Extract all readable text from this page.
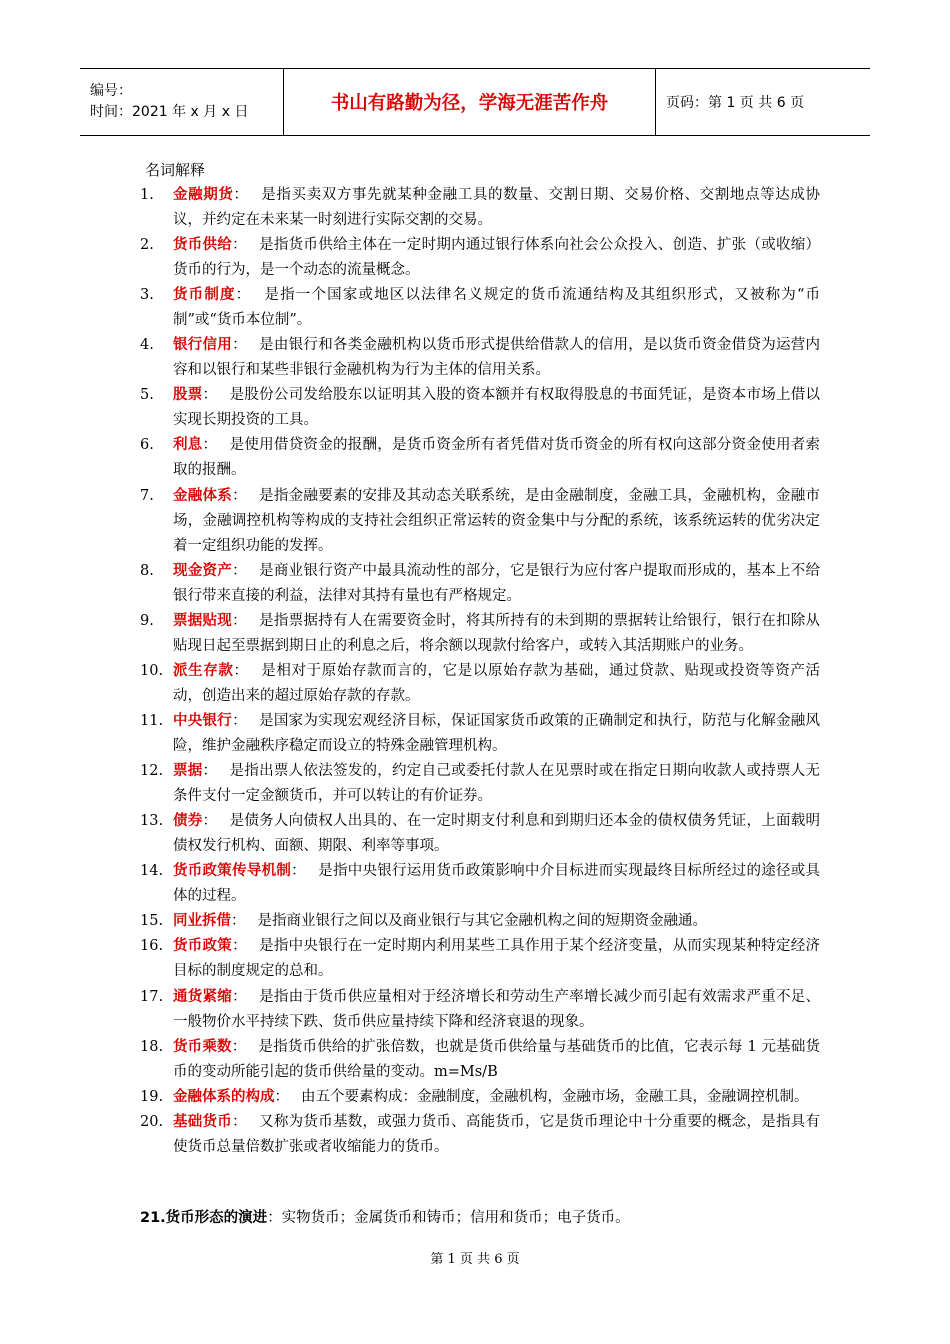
编号：
时间：2021 年 x 月 x 日	书山有路勤为径，学海无涯苦作舟	页码：第 1 页 共 6 页
名词解释
1.	金融期货： 是指买卖双方事先就某种金融工具的数量、交割日期、交易价格、交割地点等达成协议，并约定在未来某一时刻进行实际交割的交易。
2.	货币供给： 是指货币供给主体在一定时期内通过银行体系向社会公众投入、创造、扩张（或收缩）货币的行为，是一个动态的流量概念。
3.	货币制度： 是指一个国家或地区以法律名义规定的货币流通结构及其组织形式，又被称为“币制”或“货币本位制”。
4.	银行信用： 是由银行和各类金融机构以货币形式提供给借款人的信用，是以货币资金借贷为运营内容和以银行和某些非银行金融机构为行为主体的信用关系。
5.	股票： 是股份公司发给股东以证明其入股的资本额并有权取得股息的书面凭证，是资本市场上借以实现长期投资的工具。
6.	利息： 是使用借贷资金的报酬，是货币资金所有者凭借对货币资金的所有权向这部分资金使用者索取的报酬。
7.	金融体系： 是指金融要素的安排及其动态关联系统，是由金融制度，金融工具，金融机构，金融市场，金融调控机构等构成的支持社会组织正常运转的资金集中与分配的系统，该系统运转的优劣决定着一定组织功能的发挥。
8.	现金资产： 是商业银行资产中最具流动性的部分，它是银行为应付客户提取而形成的，基本上不给银行带来直接的利益，法律对其持有量也有严格规定。
9.	票据贴现： 是指票据持有人在需要资金时，将其所持有的未到期的票据转让给银行，银行在扣除从贴现日起至票据到期日止的利息之后，将余额以现款付给客户，或转入其活期账户的业务。
10. 派生存款： 是相对于原始存款而言的，它是以原始存款为基础，通过贷款、贴现或投资等资产活动，创造出来的超过原始存款的存款。
11. 中央银行： 是国家为实现宏观经济目标，保证国家货币政策的正确制定和执行，防范与化解金融风险，维护金融秩序稳定而设立的特殊金融管理机构。
12. 票据： 是指出票人依法签发的，约定自己或委托付款人在见票时或在指定日期向收款人或持票人无条件支付一定金额货币，并可以转让的有价证券。
13. 债券： 是债务人向债权人出具的、在一定时期支付利息和到期归还本金的债权债务凭证，上面载明债权发行机构、面额、期限、利率等事项。
14. 货币政策传导机制： 是指中央银行运用货币政策影响中介目标进而实现最终目标所经过的途径或具体的过程。
15. 同业拆借： 是指商业银行之间以及商业银行与其它金融机构之间的短期资金融通。
16. 货币政策： 是指中央银行在一定时期内利用某些工具作用于某个经济变量，从而实现某种特定经济目标的制度规定的总和。
17. 通货紧缩： 是指由于货币供应量相对于经济增长和劳动生产率增长减少而引起有效需求严重不足、一般物价水平持续下跌、货币供应量持续下降和经济衰退的现象。
18. 货币乘数： 是指货币供给的扩张倍数，也就是货币供给量与基础货币的比值，它表示每 1 元基础货币的变动所能引起的货币供给量的变动。m=Ms/B
19. 金融体系的构成： 由五个要素构成：金融制度，金融机构，金融市场，金融工具，金融调控机制。
20. 基础货币： 又称为货币基数，或强力货币、高能货币，它是货币理论中十分重要的概念，是指具有使货币总量倍数扩张或者收缩能力的货币。
21.货币形态的演进：实物货币；金属货币和铸币；信用和货币；电子货币。
第 1 页 共 6 页
